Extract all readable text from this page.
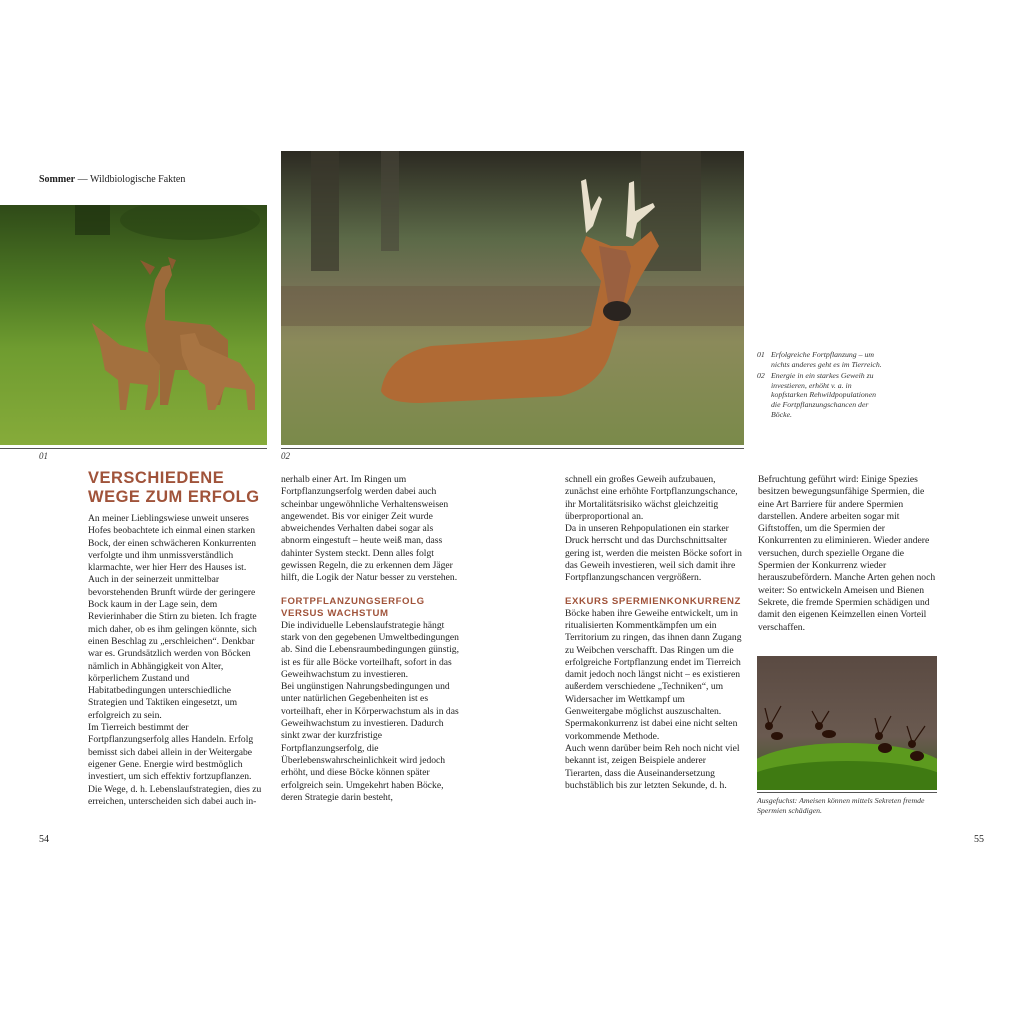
Sommer — Wildbiologische Fakten
01	02
01 Erfolgreiche Fortpflanzung – um nichts anderes geht es im Tierreich.
02 Energie in ein starkes Geweih zu investieren, erhöht v. a. in kopfstarken Rehwildpopulationen die Fortpflanzungschancen der Böcke.
VERSCHIEDENE WEGE ZUM ERFOLG

An meiner Lieblingswiese unweit unseres Hofes beobachtete ich einmal einen starken Bock, der einen schwächeren Konkurrenten verfolgte und ihm unmissverständlich klarmachte, wer hier Herr des Hauses ist. Auch in der seinerzeit unmittelbar bevorstehenden Brunft würde der geringere Bock kaum in der Lage sein, dem Revierinhaber die Stirn zu bieten. Ich fragte mich daher, ob es ihm gelingen könnte, sich einen Beschlag zu „erschleichen“. Denkbar war es. Grundsätzlich werden von Böcken nämlich in Abhängigkeit von Alter, körperlichem Zustand und Habitatbedingungen unterschiedliche Strategien und Taktiken eingesetzt, um erfolgreich zu sein.

Im Tierreich bestimmt der Fortpflanzungserfolg alles Handeln. Erfolg bemisst sich dabei allein in der Weitergabe eigener Gene. Energie wird bestmöglich investiert, um sich effektiv fortzupflanzen.

Die Wege, d. h. Lebenslaufstrategien, dies zu erreichen, unterscheiden sich dabei auch in-

nerhalb einer Art. Im Ringen um Fortpflanzungserfolg werden dabei auch scheinbar ungewöhnliche Verhaltensweisen angewendet. Bis vor einiger Zeit wurde abweichendes Verhalten dabei sogar als abnorm eingestuft – heute weiß man, dass dahinter System steckt. Denn alles folgt gewissen Regeln, die zu erkennen dem Jäger hilft, die Logik der Natur besser zu verstehen.

FORTPFLANZUNGSERFOLG VERSUS WACHSTUM

Die individuelle Lebenslaufstrategie hängt stark von den gegebenen Umweltbedingungen ab. Sind die Lebensraumbedingungen günstig, ist es für alle Böcke vorteilhaft, sofort in das Geweihwachstum zu investieren.

Bei ungünstigen Nahrungsbedingungen und unter natürlichen Gegebenheiten ist es vorteilhaft, eher in Körperwachstum als in das Geweihwachstum zu investieren. Dadurch sinkt zwar der kurzfristige Fortpflanzungserfolg, die Überlebenswahrscheinlichkeit wird jedoch erhöht, und diese Böcke können später erfolgreich sein. Umgekehrt haben Böcke, deren Strategie darin besteht,

schnell ein großes Geweih aufzubauen, zunächst eine erhöhte Fortpflanzungschance, ihr Mortalitätsrisiko wächst gleichzeitig überproportional an.

Da in unseren Rehpopulationen ein starker Druck herrscht und das Durchschnittsalter gering ist, werden die meisten Böcke sofort in das Geweih investieren, weil sich damit ihre Fortpflanzungschancen vergrößern.

EXKURS SPERMIENKONKURRENZ

Böcke haben ihre Geweihe entwickelt, um in ritualisierten Kommentkämpfen um ein Territorium zu ringen, das ihnen dann Zugang zu Weibchen verschafft. Das Ringen um die erfolgreiche Fortpflanzung endet im Tierreich damit jedoch noch längst nicht – es existieren außerdem verschiedene „Techniken“, um Widersacher im Wettkampf um Genweitergabe möglichst auszuschalten. Spermakonkurrenz ist dabei eine nicht selten vorkommende Methode.

Auch wenn darüber beim Reh noch nicht viel bekannt ist, zeigen Beispiele anderer Tierarten, dass die Auseinandersetzung buchstäblich bis zur letzten Sekunde, d. h.

Befruchtung geführt wird: Einige Spezies besitzen bewegungsunfähige Spermien, die eine Art Barriere für andere Spermien darstellen. Andere arbeiten sogar mit Giftstoffen, um die Spermien der Konkurrenten zu eliminieren. Wieder andere versuchen, durch spezielle Organe die Spermien der Konkurrenz wieder herauszubefördern. Manche Arten gehen noch weiter: So entwickeln Ameisen und Bienen Sekrete, die fremde Spermien schädigen und damit den eigenen Keimzellen einen Vorteil verschaffen.

Ausgefuchst: Ameisen können mittels Sekreten fremde Spermien schädigen.
54	55
